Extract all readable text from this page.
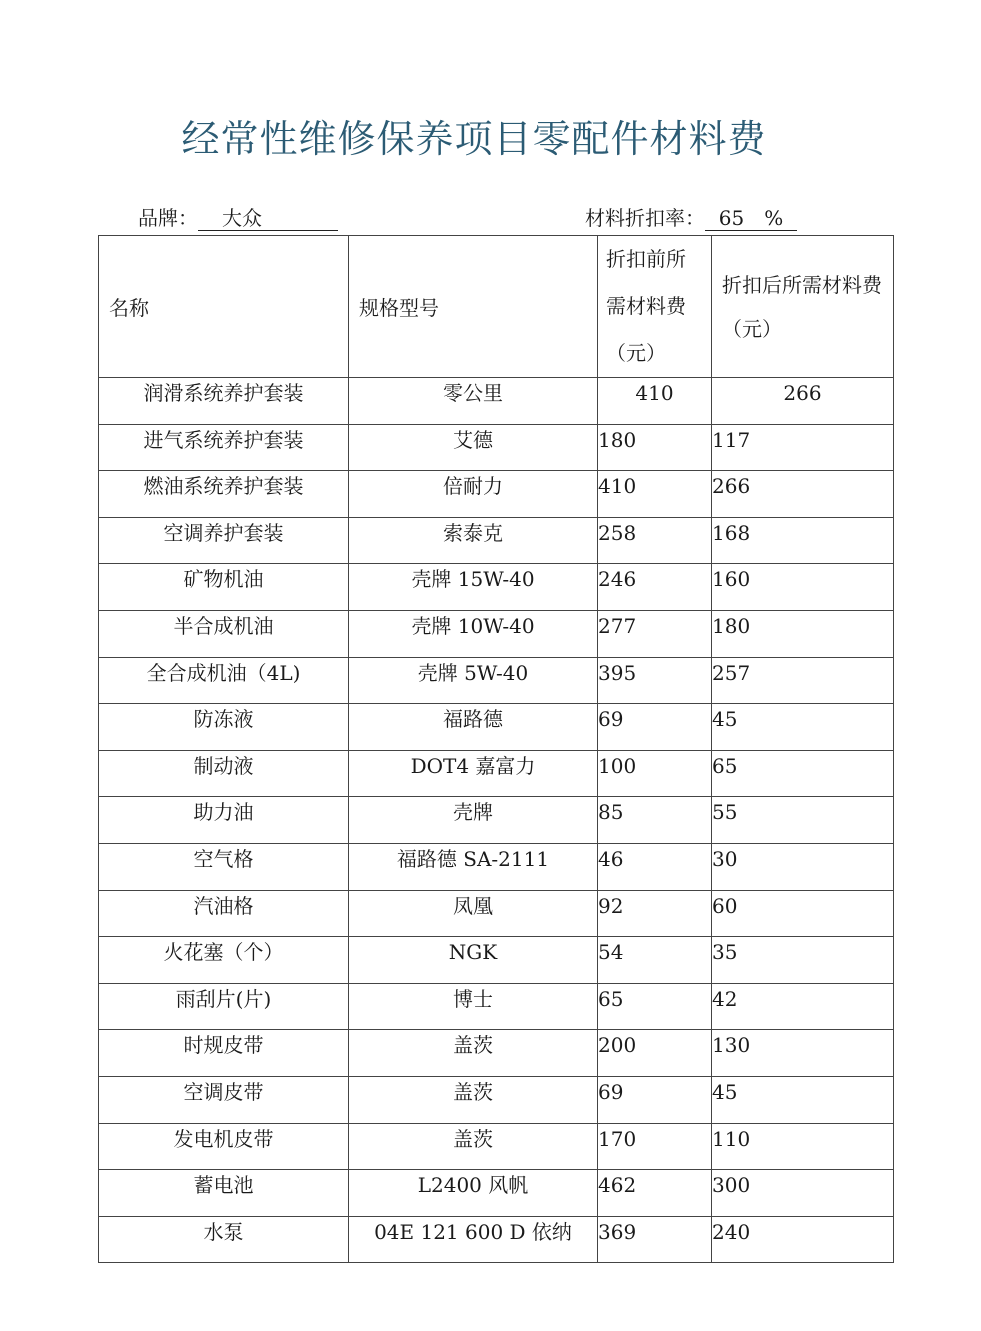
经常性维修保养项目零配件材料费
品牌： 大众	材料折扣率： 65　%
名称	规格型号	折扣前所需材料费（元）	折扣后所需材料费（元）
润滑系统养护套装	零公里	410	266
进气系统养护套装	艾德	180	117
燃油系统养护套装	倍耐力	410	266
空调养护套装	索泰克	258	168
矿物机油	壳牌 15W-40	246	160
半合成机油	壳牌 10W-40	277	180
全合成机油（4L)	壳牌 5W-40	395	257
防冻液	福路德	69	45
制动液	DOT4 嘉富力	100	65
助力油	壳牌	85	55
空气格	福路德 SA-2111	46	30
汽油格	凤凰	92	60
火花塞（个）	NGK	54	35
雨刮片(片)	博士	65	42
时规皮带	盖茨	200	130
空调皮带	盖茨	69	45
发电机皮带	盖茨	170	110
蓄电池	L2400 风帆	462	300
水泵	04E 121 600 D 依纳	369	240
